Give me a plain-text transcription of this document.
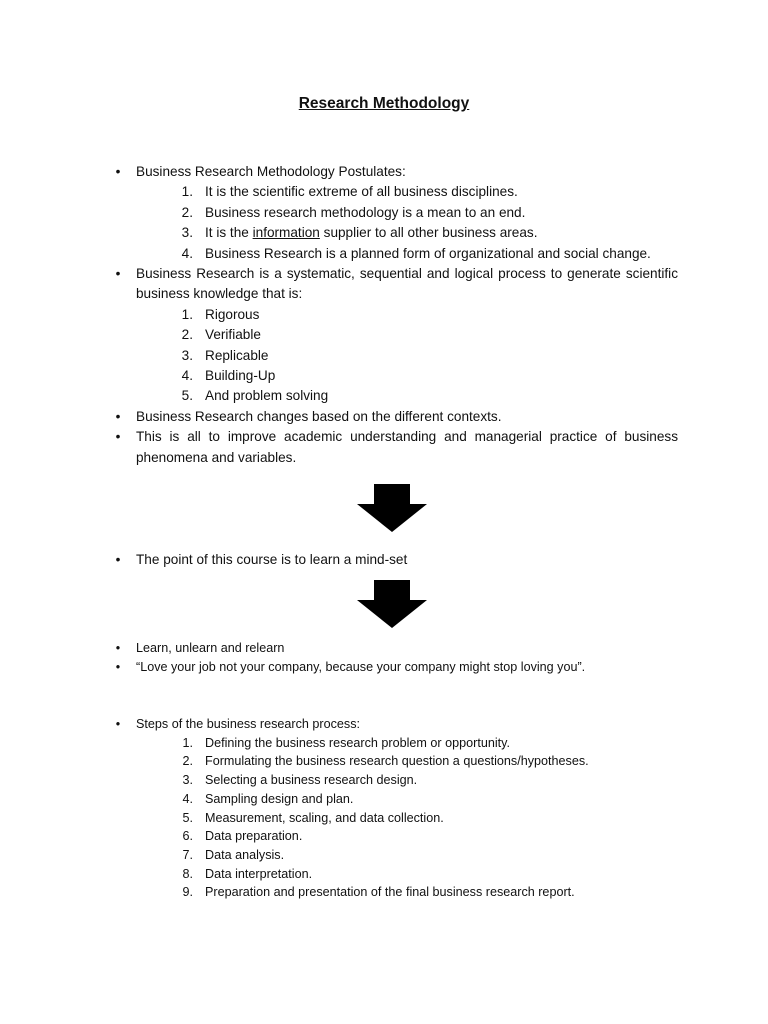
Research Methodology
• Business Research Methodology Postulates:
1. It is the scientific extreme of all business disciplines.
2. Business research methodology is a mean to an end.
3. It is the information supplier to all other business areas.
4. Business Research is a planned form of organizational and social change.
• Business Research is a systematic, sequential and logical process to generate scientific business knowledge that is:
1. Rigorous
2. Verifiable
3. Replicable
4. Building-Up
5. And problem solving
• Business Research changes based on the different contexts.
• This is all to improve academic understanding and managerial practice of business phenomena and variables.
• The point of this course is to learn a mind-set
•	Learn, unlearn and relearn
•	“Love your job not your company, because your company might stop loving you”.
•	Steps of the business research process:
1. Defining the business research problem or opportunity.
2. Formulating the business research question a questions/hypotheses.
3. Selecting a business research design.
4. Sampling design and plan.
5. Measurement, scaling, and data collection.
6. Data preparation.
7. Data analysis.
8. Data interpretation.
9. Preparation and presentation of the final business research report.
